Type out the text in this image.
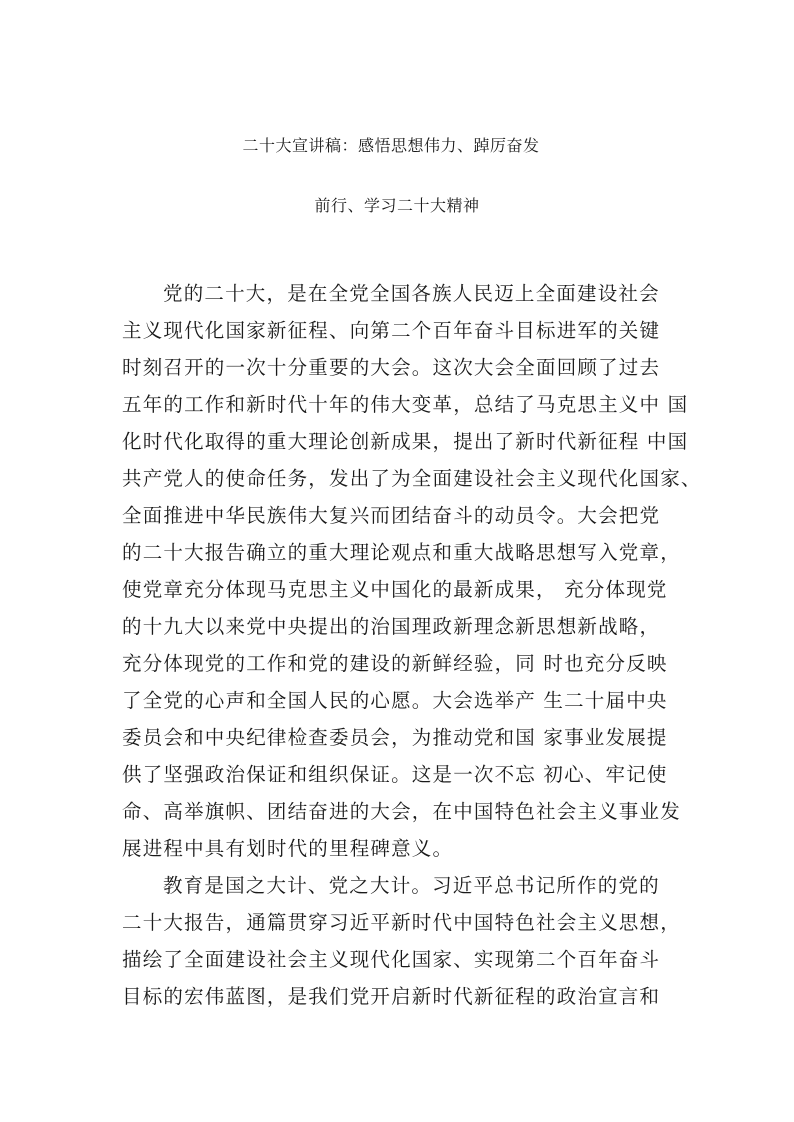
二十大宣讲稿：感悟思想伟力、踔厉奋发
前行、学习二十大精神
党的二十大，是在全党全国各族人民迈上全面建设社会
主义现代化国家新征程、向第二个百年奋斗目标进军的关键
时刻召开的一次十分重要的大会。这次大会全面回顾了过去
五年的工作和新时代十年的伟大变革，总结了马克思主义中 国
化时代化取得的重大理论创新成果，提出了新时代新征程 中国
共产党人的使命任务，发出了为全面建设社会主义现代化国家、
全面推进中华民族伟大复兴而团结奋斗的动员令。大会把党
的二十大报告确立的重大理论观点和重大战略思想写入党章，
使党章充分体现马克思主义中国化的最新成果， 充分体现党
的十九大以来党中央提出的治国理政新理念新思想新战略，
充分体现党的工作和党的建设的新鲜经验，同 时也充分反映
了全党的心声和全国人民的心愿。大会选举产 生二十届中央
委员会和中央纪律检查委员会，为推动党和国 家事业发展提
供了坚强政治保证和组织保证。这是一次不忘 初心、牢记使
命、高举旗帜、团结奋进的大会，在中国特色社会主义事业发
展进程中具有划时代的里程碑意义。
教育是国之大计、党之大计。习近平总书记所作的党的
二十大报告，通篇贯穿习近平新时代中国特色社会主义思想，
描绘了全面建设社会主义现代化国家、实现第二个百年奋斗
目标的宏伟蓝图，是我们党开启新时代新征程的政治宣言和
